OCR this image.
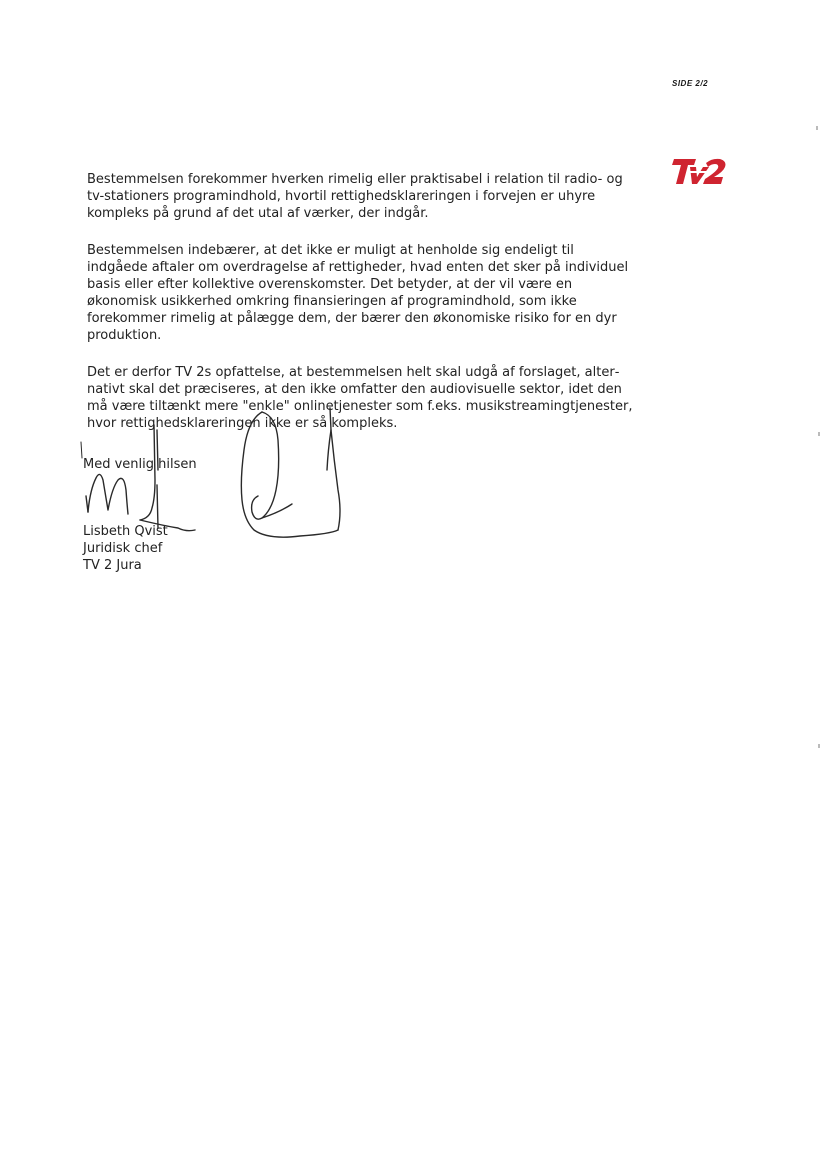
SIDE 2/2

Bestemmelsen forekommer hverken rimelig eller praktisabel i relation til radio- og tv-stationers programindhold, hvortil rettighedsklareringen i forvejen er uhyre kompleks på grund af det utal af værker, der indgår.

Bestemmelsen indebærer, at det ikke er muligt at henholde sig endeligt til indgåede aftaler om overdragelse af rettigheder, hvad enten det sker på individuel basis eller efter kollektive overenskomster. Det betyder, at der vil være en økonomisk usikkerhed omkring finansieringen af programindhold, som ikke forekommer rimelig at pålægge dem, der bærer den økonomiske risiko for en dyr produktion.

Det er derfor TV 2s opfattelse, at bestemmelsen helt skal udgå af forslaget, alternativt skal det præciseres, at den ikke omfatter den audiovisuelle sektor, idet den må være tiltænkt mere "enkle" onlinetjenester som f.eks. musikstreamingtjenester, hvor rettighedsklareringen ikke er så kompleks.

Med venlig hilsen
Lisbeth Qvist
Juridisk chef
TV 2 Jura
